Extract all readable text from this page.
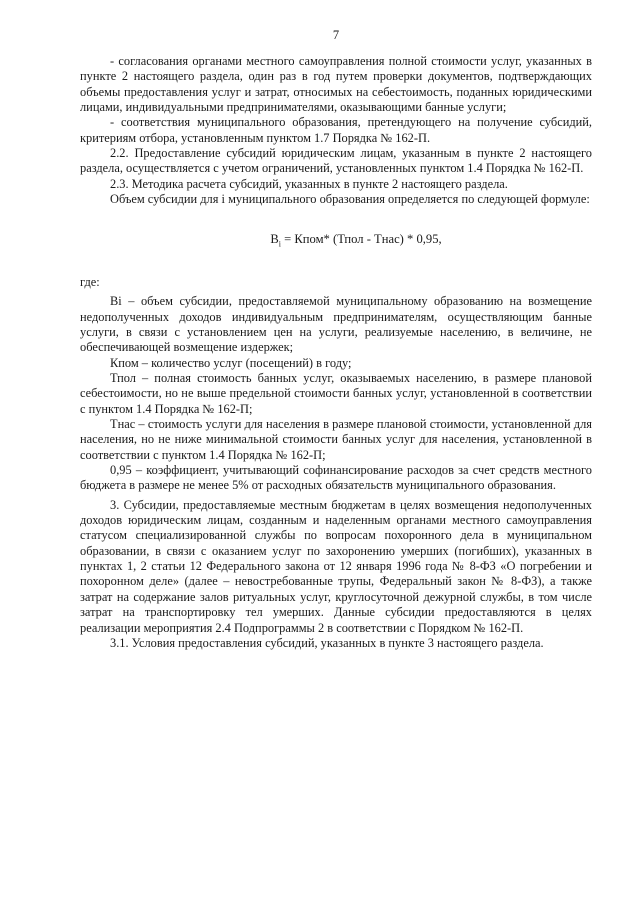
7

- согласования органами местного самоуправления полной стоимости услуг, указанных в пункте 2 настоящего раздела, один раз в год путем проверки документов, подтверждающих объемы предоставления услуг и затрат, относимых на себестоимость, поданных юридическими лицами, индивидуальными предпринимателями, оказывающими банные услуги;

- соответствия муниципального образования, претендующего на получение субсидий, критериям отбора, установленным пунктом 1.7 Порядка № 162-П.

2.2. Предоставление субсидий юридическим лицам, указанным в пункте 2 настоящего раздела, осуществляется с учетом ограничений, установленных пунктом 1.4 Порядка № 162-П.

2.3. Методика расчета субсидий, указанных в пункте 2 настоящего раздела.

Объем субсидии для i муниципального образования определяется по следующей формуле:

$B_i$ = Кпом* (Тпол - Тнас) * 0,95,

где:

Bi – объем субсидии, предоставляемой муниципальному образованию на возмещение недополученных доходов индивидуальным предпринимателям, осуществляющим банные услуги, в связи с установлением цен на услуги, реализуемые населению, в величине, не обеспечивающей возмещение издержек;

Кпом – количество услуг (посещений) в году;

Тпол – полная стоимость банных услуг, оказываемых населению, в размере плановой себестоимости, но не выше предельной стоимости банных услуг, установленной в соответствии с пунктом 1.4 Порядка № 162-П;

Тнас – стоимость услуги для населения в размере плановой стоимости, установленной для населения, но не ниже минимальной стоимости банных услуг для населения, установленной в соответствии с пунктом 1.4 Порядка № 162-П;

0,95 – коэффициент, учитывающий софинансирование расходов за счет средств местного бюджета в размере не менее 5% от расходных обязательств муниципального образования.

3. Субсидии, предоставляемые местным бюджетам в целях возмещения недополученных доходов юридическим лицам, созданным и наделенным органами местного самоуправления статусом специализированной службы по вопросам похоронного дела в муниципальном образовании, в связи с оказанием услуг по захоронению умерших (погибших), указанных в пунктах 1, 2 статьи 12 Федерального закона от 12 января 1996 года № 8-ФЗ «О погребении и похоронном деле» (далее – невостребованные трупы, Федеральный закон № 8-ФЗ), а также затрат на содержание залов ритуальных услуг, круглосуточной дежурной службы, в том числе затрат на транспортировку тел умерших. Данные субсидии предоставляются в целях реализации мероприятия 2.4 Подпрограммы 2 в соответствии с Порядком № 162-П.

3.1. Условия предоставления субсидий, указанных в пункте 3 настоящего раздела.
